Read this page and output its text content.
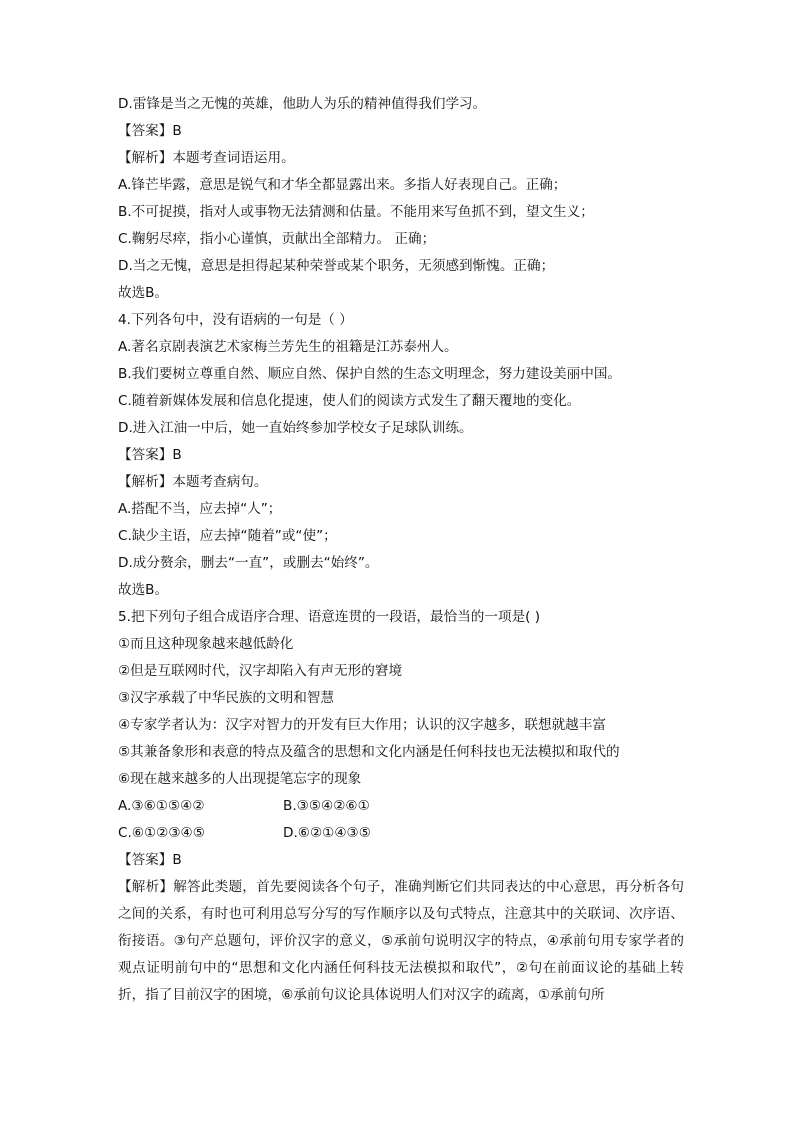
D.雷锋是当之无愧的英雄，他助人为乐的精神值得我们学习。
【答案】B
【解析】本题考查词语运用。
A.锋芒毕露，意思是锐气和才华全都显露出来。多指人好表现自己。正确；
B.不可捉摸，指对人或事物无法猜测和估量。不能用来写鱼抓不到，望文生义；
C.鞠躬尽瘁，指小心谨慎，贡献出全部精力。 正确；
D.当之无愧，意思是担得起某种荣誉或某个职务，无须感到惭愧。正确；
故选B。
4.下列各句中，没有语病的一句是（ ）
A.著名京剧表演艺术家梅兰芳先生的祖籍是江苏泰州人。
B.我们要树立尊重自然、顺应自然、保护自然的生态文明理念，努力建设美丽中国。
C.随着新媒体发展和信息化提速，使人们的阅读方式发生了翻天覆地的变化。
D.进入江油一中后，她一直始终参加学校女子足球队训练。
【答案】B
【解析】本题考查病句。
A.搭配不当，应去掉“人”；
C.缺少主语，应去掉“随着”或“使”；
D.成分赘余，删去“一直”，或删去“始终”。
故选B。
5.把下列句子组合成语序合理、语意连贯的一段语，最恰当的一项是( )
①而且这种现象越来越低龄化
②但是互联网时代，汉字却陷入有声无形的窘境
③汉字承载了中华民族的文明和智慧
④专家学者认为：汉字对智力的开发有巨大作用；认识的汉字越多，联想就越丰富
⑤其兼备象形和表意的特点及蕴含的思想和文化内涵是任何科技也无法模拟和取代的
⑥现在越来越多的人出现提笔忘字的现象
A.③⑥①⑤④②	B.③⑤④②⑥①
C.⑥①②③④⑤	D.⑥②①④③⑤
【答案】B
【解析】解答此类题，首先要阅读各个句子，准确判断它们共同表达的中心意思，再分析各句之间的关系，有时也可利用总写分写的写作顺序以及句式特点，注意其中的关联词、次序语、衔接语。③句产总题句，评价汉字的意义，⑤承前句说明汉字的特点，④承前句用专家学者的观点证明前句中的“思想和文化内涵任何科技无法模拟和取代”，②句在前面议论的基础上转折，指了目前汉字的困境，⑥承前句议论具体说明人们对汉字的疏离，①承前句所
